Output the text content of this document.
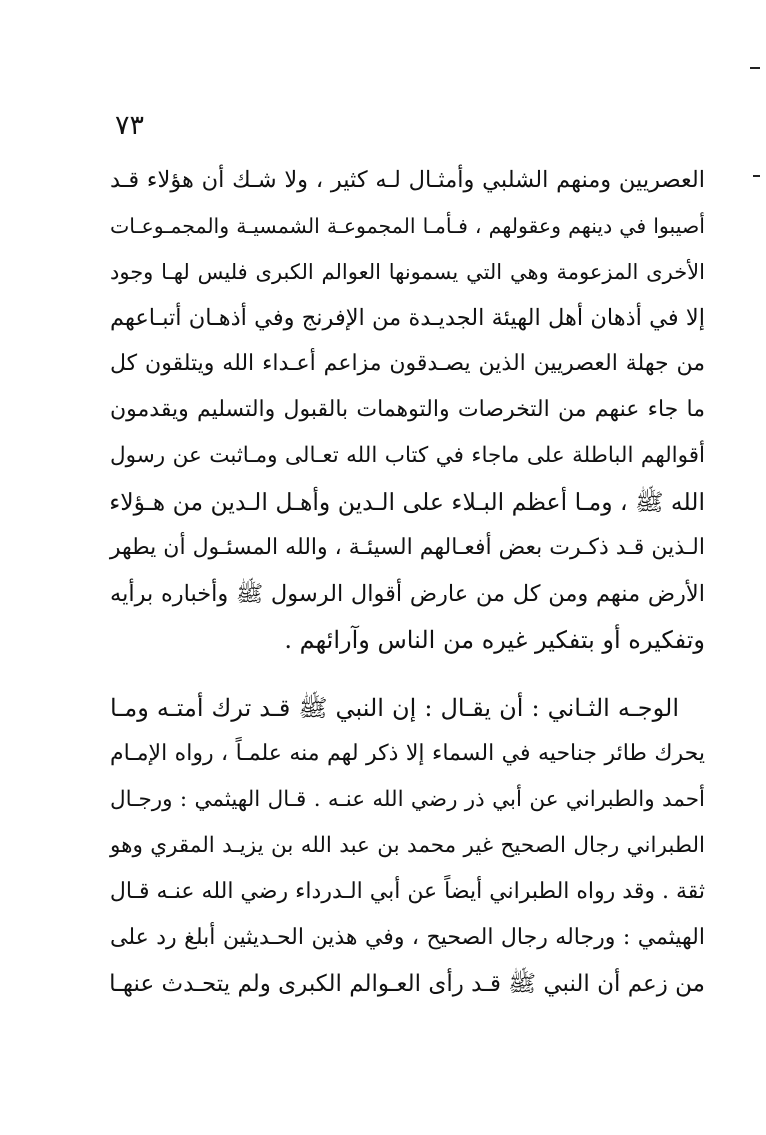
٧٣
العصريين ومنهم الشلبي وأمثـال لـه كثير ، ولا شـك أن هؤلاء قـد
أصيبوا في دينهم وعقولهم ، فـأمـا المجموعـة الشمسيـة والمجمـوعـات
الأخرى المزعومة وهي التي يسمونها العوالم الكبرى فليس لهـا وجود
إلا في أذهان أهل الهيئة الجديـدة من الإفرنج وفي أذهـان أتبـاعهم
من جهلة العصريين الذين يصـدقون مزاعم أعـداء الله ويتلقون كل
ما جاء عنهم من التخرصات والتوهمات بالقبول والتسليم ويقدمون
أقوالهم الباطلة على ماجاء في كتاب الله تعـالى ومـاثبت عن رسول
الله ﷺ ، ومـا أعظم البـلاء على الـدين وأهـل الـدين من هـؤلاء
الـذين قـد ذكـرت بعض أفعـالهم السيئـة ، والله المسئـول أن يطهر
الأرض منهم ومن كل من عارض أقوال الرسول ﷺ وأخباره برأيه
وتفكيره أو بتفكير غيره من الناس وآرائهم .
الوجـه الثـاني : أن يقـال : إن النبي ﷺ قـد ترك أمتـه ومـا
يحرك طائر جناحيه في السماء إلا ذكر لهم منه علمـاً ، رواه الإمـام
أحمد والطبراني عن أبي ذر رضي الله عنـه . قـال الهيثمي : ورجـال
الطبراني رجال الصحيح غير محمد بن عبد الله بن يزيـد المقري وهو
ثقة . وقد رواه الطبراني أيضاً عن أبي الـدرداء رضي الله عنـه قـال
الهيثمي : ورجاله رجال الصحيح ، وفي هذين الحـديثين أبلغ رد على
من زعم أن النبي ﷺ قـد رأى العـوالم الكبرى ولم يتحـدث عنهـا
